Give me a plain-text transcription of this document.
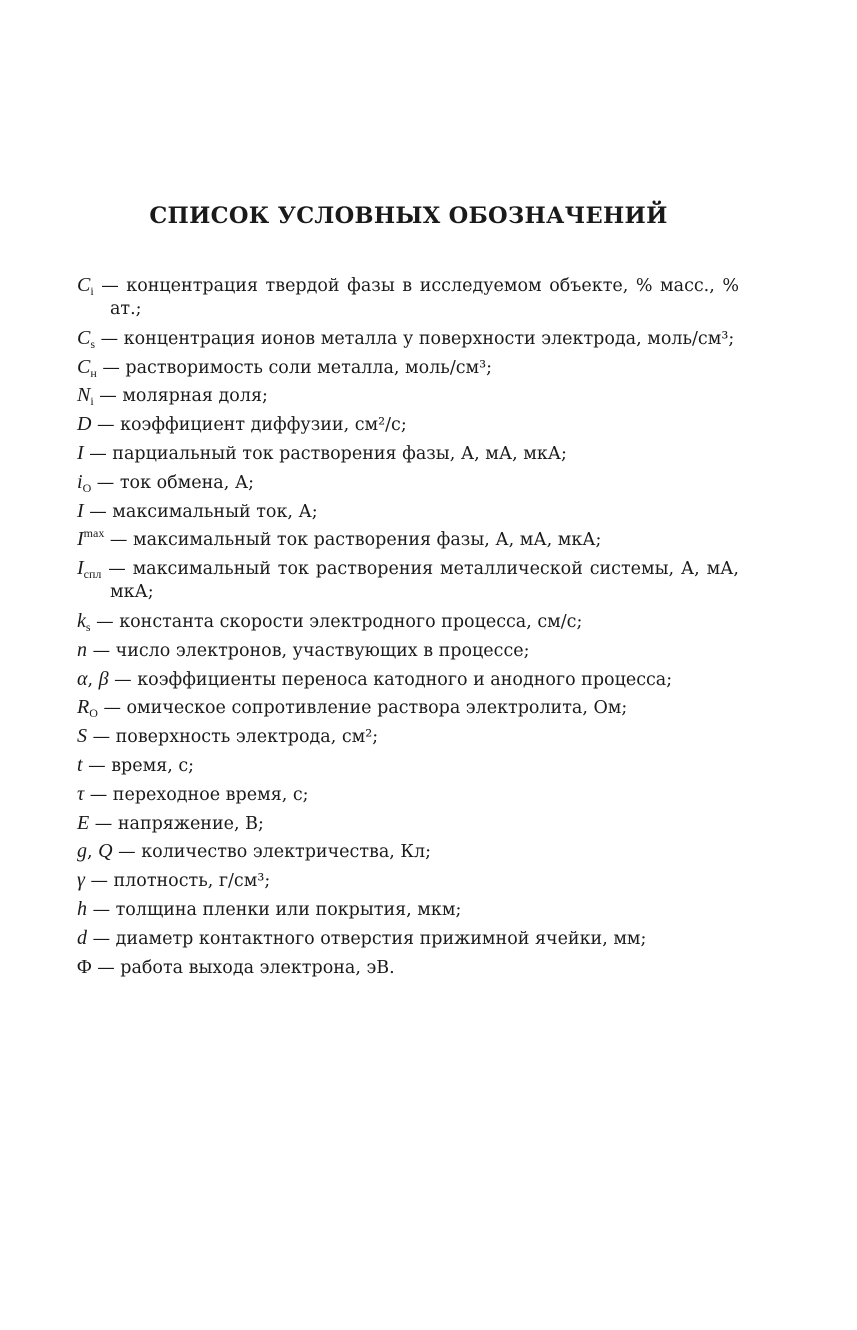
СПИСОК УСЛОВНЫХ ОБОЗНАЧЕНИЙ
$C_i$ — концентрация твердой фазы в исследуемом объекте, % масс., % ат.;
$C_s$ — концентрация ионов металла у поверхности электрода, моль/см³;
$C_н$ — растворимость соли металла, моль/см³;
$N_i$ — молярная доля;
D — коэффициент диффузии, см²/с;
I — парциальный ток растворения фазы, А, мА, мкА;
$i_O$ — ток обмена, А;
I — максимальный ток, А;
$I^{max}$ — максимальный ток растворения фазы, А, мА, мкА;
$I_{спл}$ — максимальный ток растворения металлической системы, А, мА, мкА;
$k_s$ — константа скорости электродного процесса, см/с;
n — число электронов, участвующих в процессе;
α, β — коэффициенты переноса катодного и анодного процесса;
$R_O$ — омическое сопротивление раствора электролита, Ом;
S — поверхность электрода, см²;
t — время, с;
τ — переходное время, с;
E — напряжение, В;
g, Q — количество электричества, Кл;
γ — плотность, г/см³;
h — толщина пленки или покрытия, мкм;
d — диаметр контактного отверстия прижимной ячейки, мм;
Φ — работа выхода электрона, эВ.
